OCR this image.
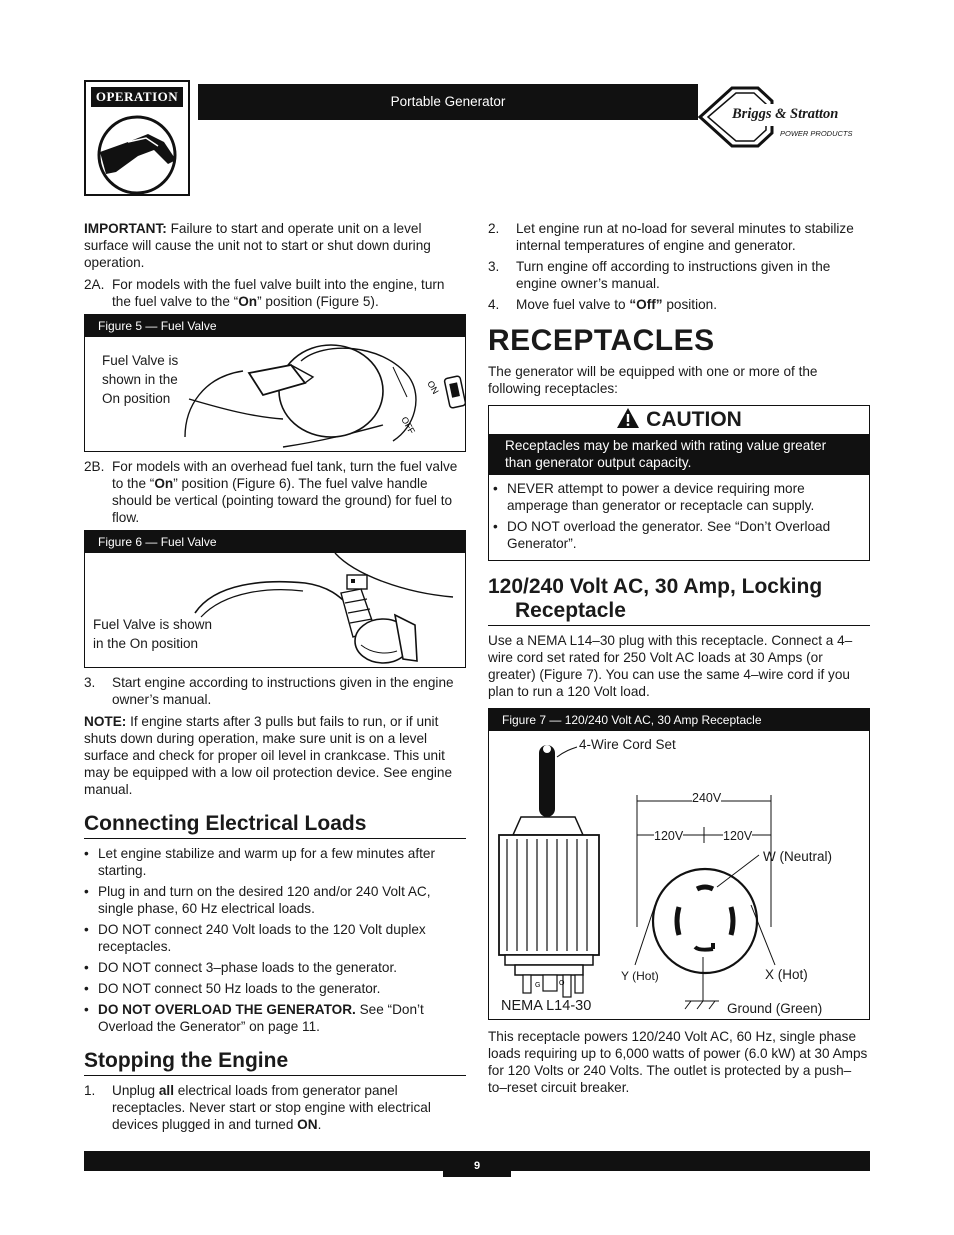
OPERATION	Portable Generator
Briggs & Stratton
POWER PRODUCTS

IMPORTANT: Failure to start and operate unit on a level surface will cause the unit not to start or shut down during operation.

2A. For models with the fuel valve built into the engine, turn the fuel valve to the “On” position (Figure 5).
Figure 5 — Fuel Valve
Fuel Valve is
shown in the
On position
ON
OFF
2B. For models with an overhead fuel tank, turn the fuel valve to the “On” position (Figure 6). The fuel valve handle should be vertical (pointing toward the ground) for fuel to flow.
Figure 6 — Fuel Valve
Fuel Valve is shown
in the On position
3.	Start engine according to instructions given in the engine owner’s manual.

NOTE: If engine starts after 3 pulls but fails to run, or if unit shuts down during operation, make sure unit is on a level surface and check for proper oil level in crankcase. This unit may be equipped with a low oil protection device. See engine manual.

Connecting Electrical Loads
• Let engine stabilize and warm up for a few minutes after starting.
• Plug in and turn on the desired 120 and/or 240 Volt AC, single phase, 60 Hz electrical loads.
• DO NOT connect 240 Volt loads to the 120 Volt duplex receptacles.
• DO NOT connect 3–phase loads to the generator.
• DO NOT connect 50 Hz loads to the generator.
• DO NOT OVERLOAD THE GENERATOR. See “Don’t Overload the Generator” on page 11.
Stopping the Engine
1.	Unplug all electrical loads from generator panel receptacles. Never start or stop engine with electrical devices plugged in and turned ON.
2.	Let engine run at no-load for several minutes to stabilize internal temperatures of engine and generator.
3.	Turn engine off according to instructions given in the engine owner’s manual.
4.	Move fuel valve to “Off” position.
RECEPTACLES

The generator will be equipped with one or more of the following receptacles:

CAUTION
Receptacles may be marked with rating value greater than generator output capacity.
• NEVER attempt to power a device requiring more amperage than generator or receptacle can supply.
• DO NOT overload the generator. See “Don’t Overload Generator”.
120/240 Volt AC, 30 Amp, Locking Receptacle

Use a NEMA L14–30 plug with this receptacle. Connect a 4–wire cord set rated for 250 Volt AC loads at 30 Amps (or greater) (Figure 7). You can use the same 4–wire cord if you plan to run a 120 Volt load.

Figure 7 — 120/240 Volt AC, 30 Amp Receptacle
G	O
4-Wire Cord Set
240V
120V	120V
W (Neutral)
Y (Hot)	X (Hot)
NEMA L14-30	Ground (Green)

This receptacle powers 120/240 Volt AC, 60 Hz, single phase loads requiring up to 6,000 watts of power (6.0 kW) at 30 Amps for 120 Volts or 240 Volts. The outlet is protected by a push–to–reset circuit breaker.

9
